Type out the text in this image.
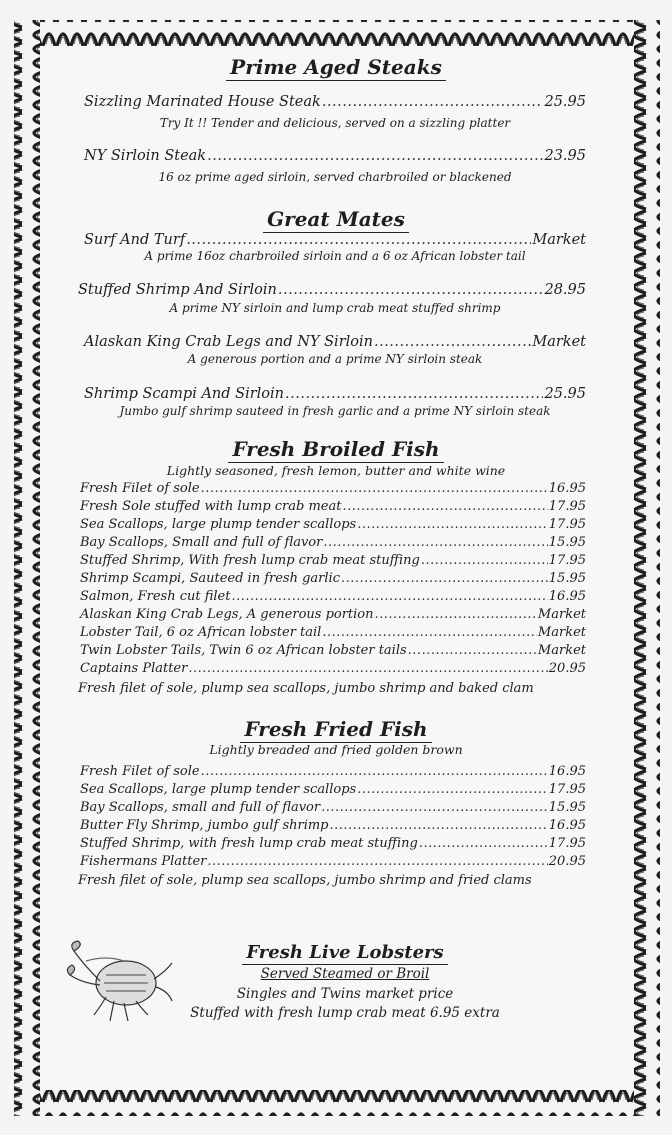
Prime Aged Steaks
Sizzling Marinated House Steak .....	25.95
Try It !! Tender and delicious, served on a sizzling platter
NY Sirloin Steak .....	23.95
16 oz prime aged sirloin, served charbroiled or blackened
Great Mates
Surf And Turf .....	Market
A prime 16oz charbroiled sirloin and a 6 oz African lobster tail
Stuffed Shrimp And Sirloin .....	28.95
A prime NY sirloin and lump crab meat stuffed shrimp
Alaskan King Crab Legs and NY Sirloin .....	Market
A generous portion and a prime NY sirloin steak
Shrimp Scampi And Sirloin .....	25.95
Jumbo gulf shrimp sauteed in fresh garlic and a prime NY sirloin steak
Fresh Broiled Fish
Lightly seasoned, fresh lemon, butter and white wine
Fresh Filet of sole .....	16.95
Fresh Sole stuffed with lump crab meat .....	17.95
Sea Scallops, large plump tender scallops .....	17.95
Bay Scallops, Small and full of flavor .....	15.95
Stuffed Shrimp, With fresh lump crab meat stuffing .....	17.95
Shrimp Scampi, Sauteed in fresh garlic .....	15.95
Salmon, Fresh cut filet .....	16.95
Alaskan King Crab Legs, A generous portion .....	Market
Lobster Tail, 6 oz African lobster tail .....	Market
Twin Lobster Tails, Twin 6 oz African lobster tails .....	Market
Captains Platter .....	20.95
Fresh filet of sole, plump sea scallops, jumbo shrimp and baked clam
Fresh Fried Fish
Lightly breaded and fried golden brown
Fresh Filet of sole .....	16.95
Sea Scallops, large plump tender scallops .....	17.95
Bay Scallops, small and full of flavor .....	15.95
Butter Fly Shrimp, jumbo gulf shrimp .....	16.95
Stuffed Shrimp, with fresh lump crab meat stuffing .....	17.95
Fishermans Platter .....	20.95
Fresh filet of sole, plump sea scallops, jumbo shrimp and fried clams
Fresh Live Lobsters
Served Steamed or Broil
Singles and Twins market price
Stuffed with fresh lump crab meat 6.95 extra
